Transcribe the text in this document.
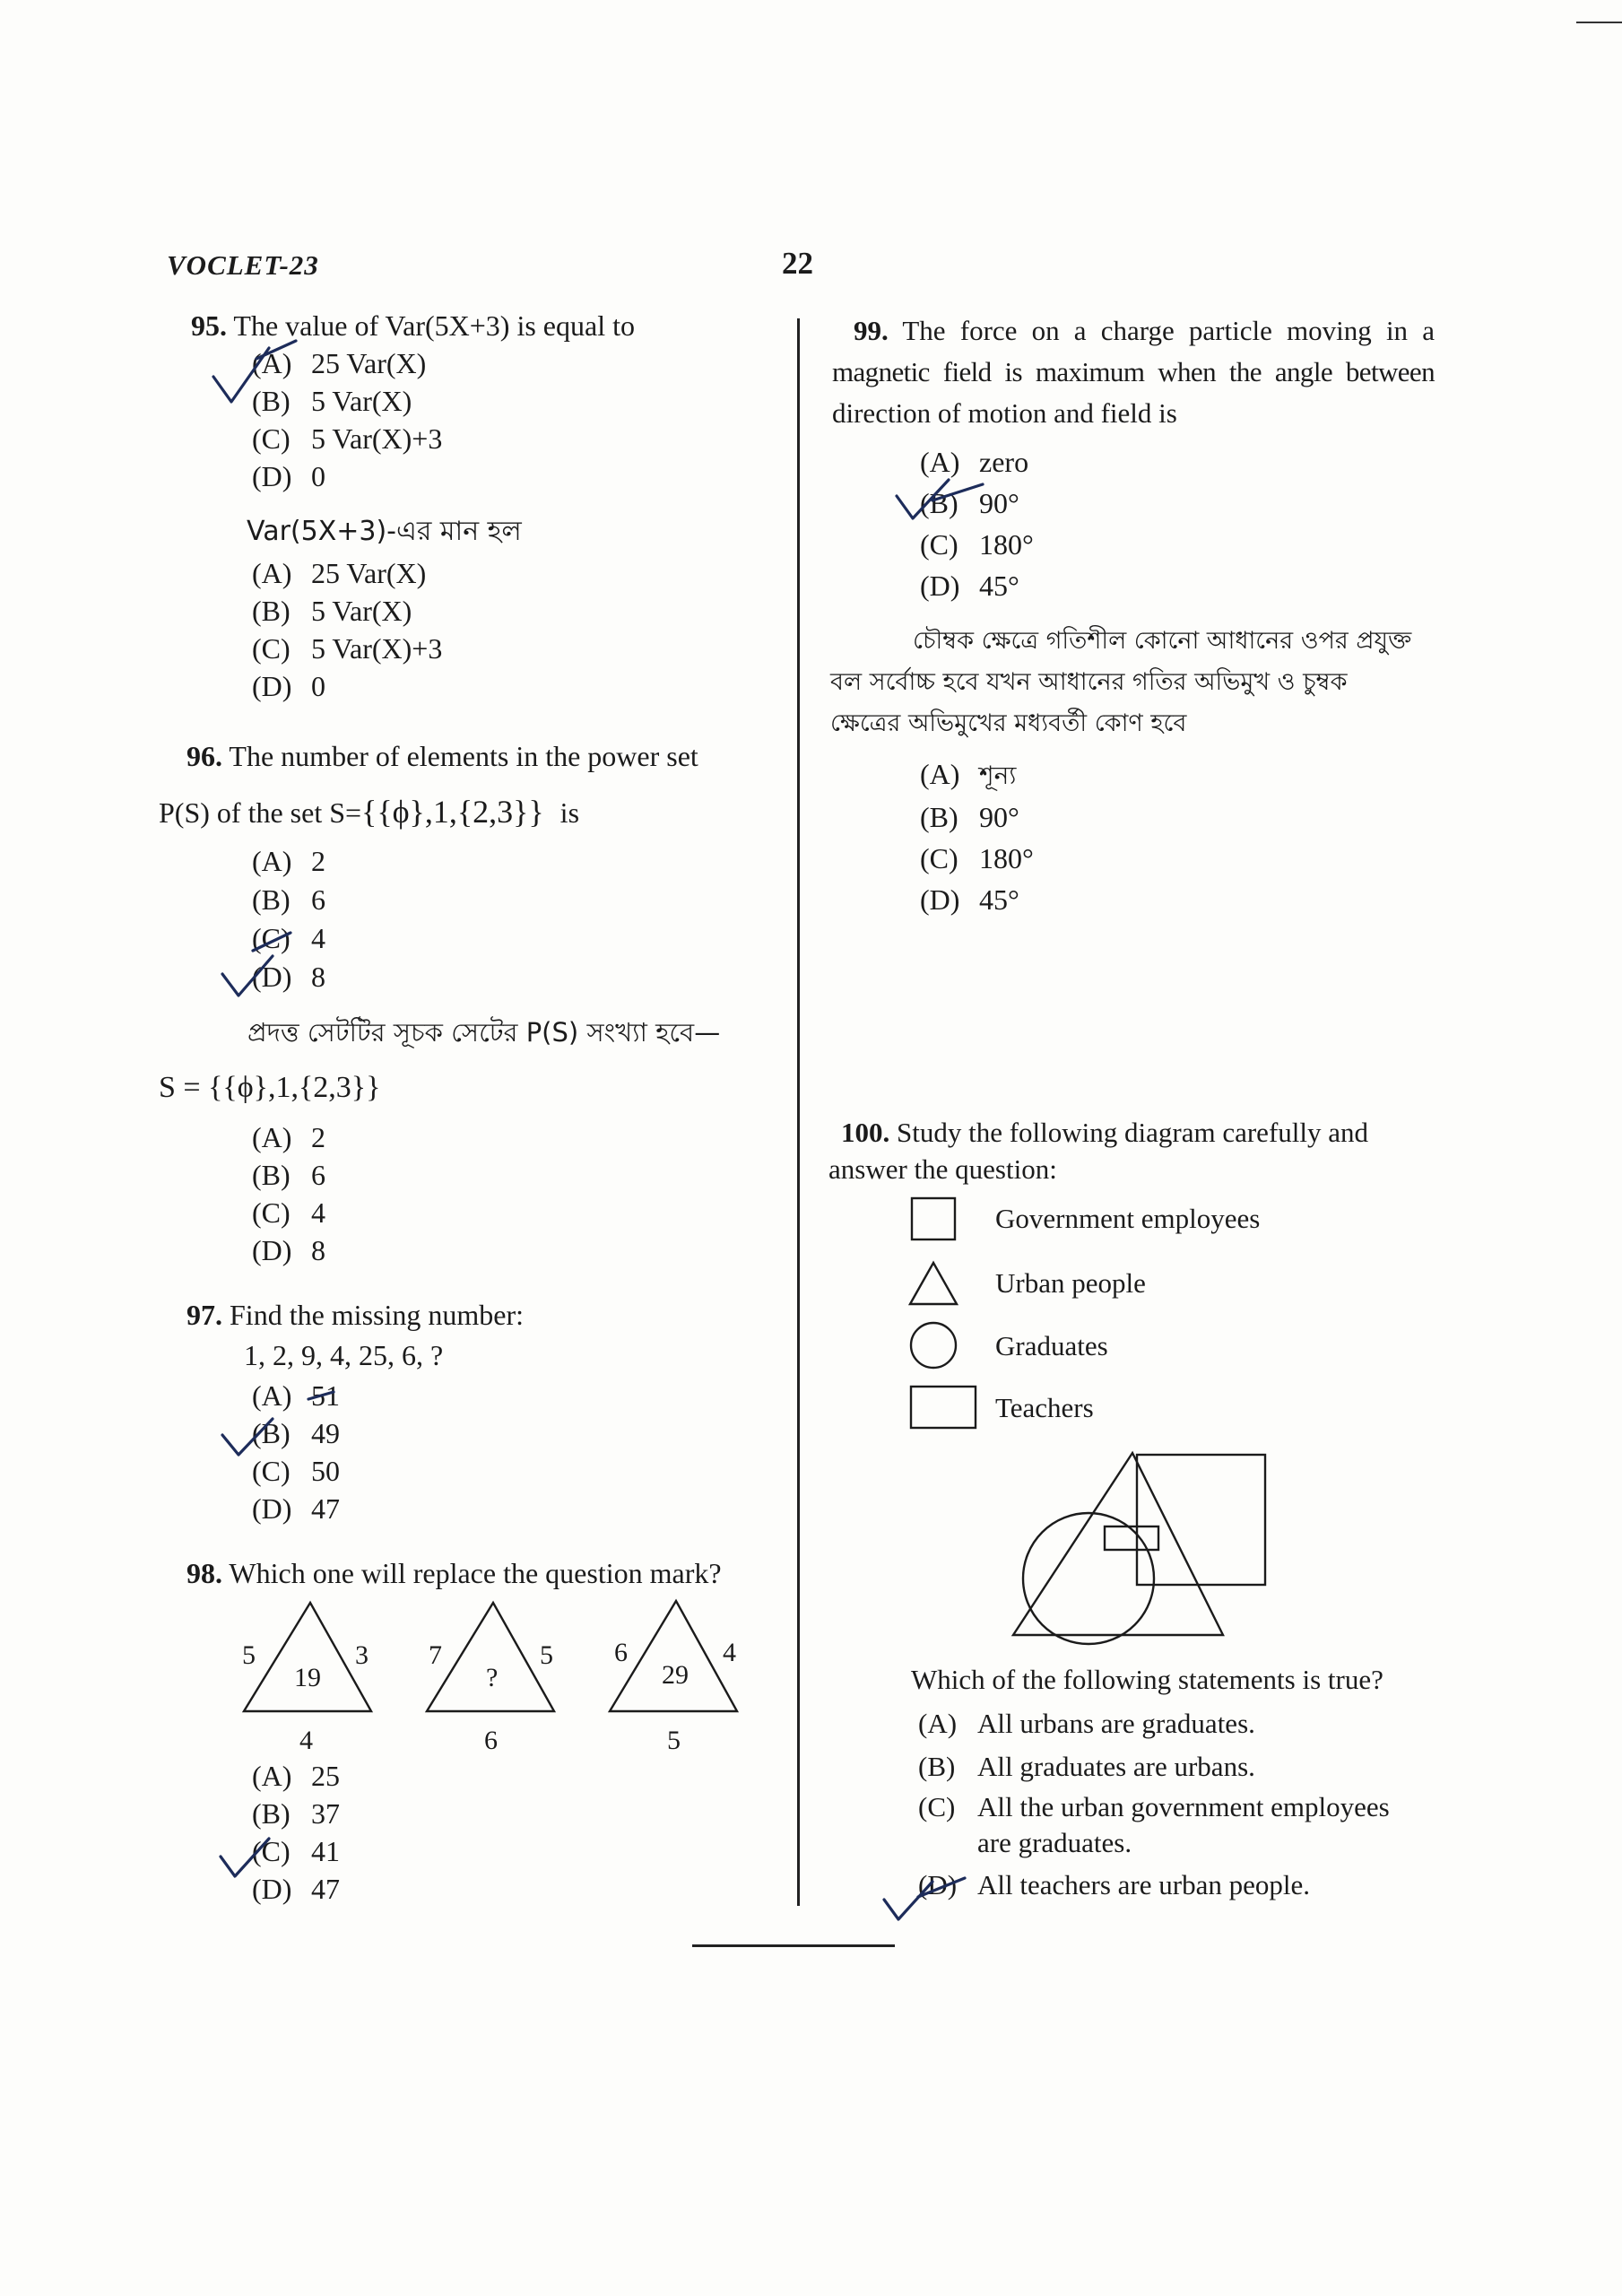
VOCLET-23	22
95. The value of Var(5X+3) is equal to
(A) 25 Var(X)
(B) 5 Var(X)
(C) 5 Var(X)+3
(D) 0
Var(5X+3)-এর মান হল
(A) 25 Var(X)
(B) 5 Var(X)
(C) 5 Var(X)+3
(D) 0
96. The number of elements in the power set
P(S) of the set S={{ϕ},1,{2,3}} is
(A) 2
(B) 6
(C) 4
(D) 8
প্রদত্ত সেটটির সূচক সেটের P(S) সংখ্যা হবে—
S = {{ϕ},1,{2,3}}
(A) 2
(B) 6
(C) 4
(D) 8
97. Find the missing number:
1, 2, 9, 4, 25, 6, ?
(A) 51
(B) 49
(C) 50
(D) 47
98. Which one will replace the question mark?
5	3
19
4
7	5
?
6
6	4
29
5
(A) 25
(B) 37
(C) 41
(D) 47
99. The force on a charge particle moving in a
magnetic field is maximum when the angle between
direction of motion and field is
(A) zero
(B) 90°
(C) 180°
(D) 45°
চৌম্বক ক্ষেত্রে গতিশীল কোনো আধানের ওপর প্রযুক্ত
বল সর্বোচ্চ হবে যখন আধানের গতির অভিমুখ ও চুম্বক
ক্ষেত্রের অভিমুখের মধ্যবর্তী কোণ হবে
(A) শূন্য
(B) 90°
(C) 180°
(D) 45°
100. Study the following diagram carefully and
answer the question:
Government employees
Urban people
Graduates
Teachers
Which of the following statements is true?
(A) All urbans are graduates.
(B) All graduates are urbans.
(C) All the urban government employees
are graduates.
(D) All teachers are urban people.
